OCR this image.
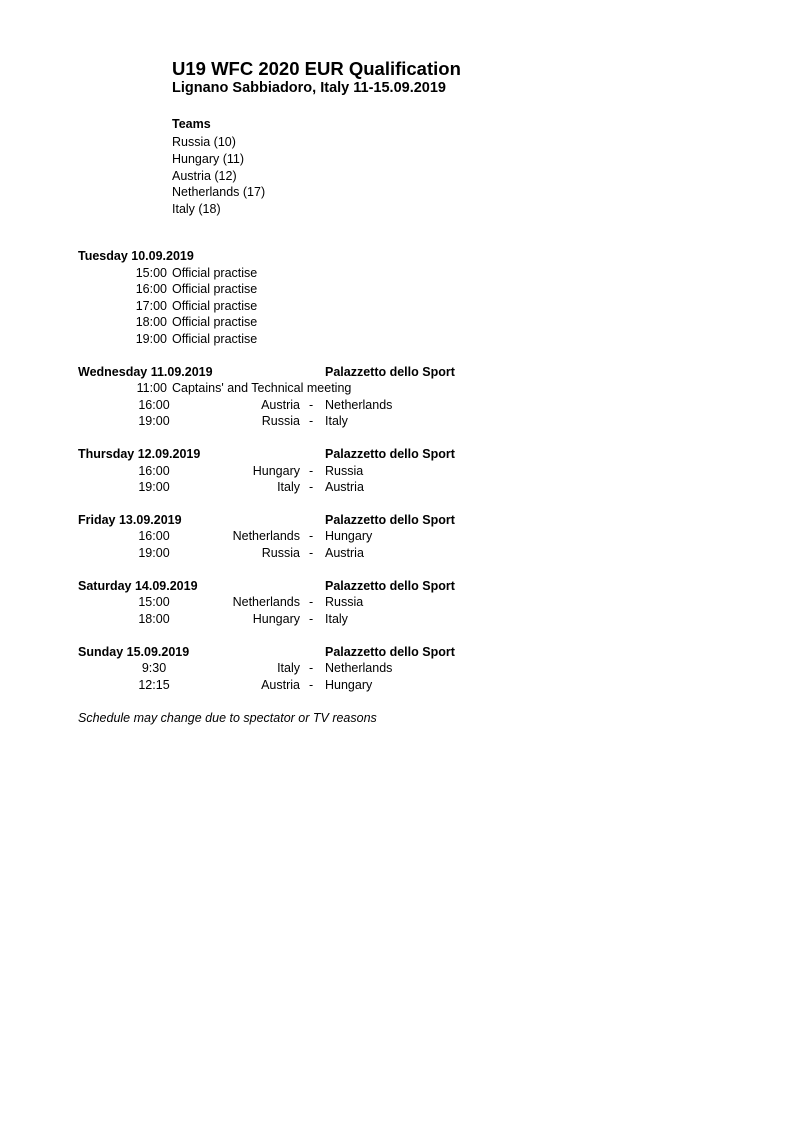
U19 WFC 2020 EUR Qualification
Lignano Sabbiadoro, Italy 11-15.09.2019
Teams
Russia (10)
Hungary (11)
Austria (12)
Netherlands (17)
Italy (18)
Tuesday 10.09.2019
15:00 Official practise
16:00 Official practise
17:00 Official practise
18:00 Official practise
19:00 Official practise
Wednesday 11.09.2019	Palazzetto dello Sport
11:00 Captains' and Technical meeting
16:00	Austria - Netherlands
19:00	Russia - Italy
Thursday 12.09.2019	Palazzetto dello Sport
16:00	Hungary - Russia
19:00	Italy - Austria
Friday 13.09.2019	Palazzetto dello Sport
16:00	Netherlands - Hungary
19:00	Russia - Austria
Saturday 14.09.2019	Palazzetto dello Sport
15:00	Netherlands - Russia
18:00	Hungary - Italy
Sunday 15.09.2019	Palazzetto dello Sport
9:30	Italy - Netherlands
12:15	Austria - Hungary
Schedule may change due to spectator or TV reasons
